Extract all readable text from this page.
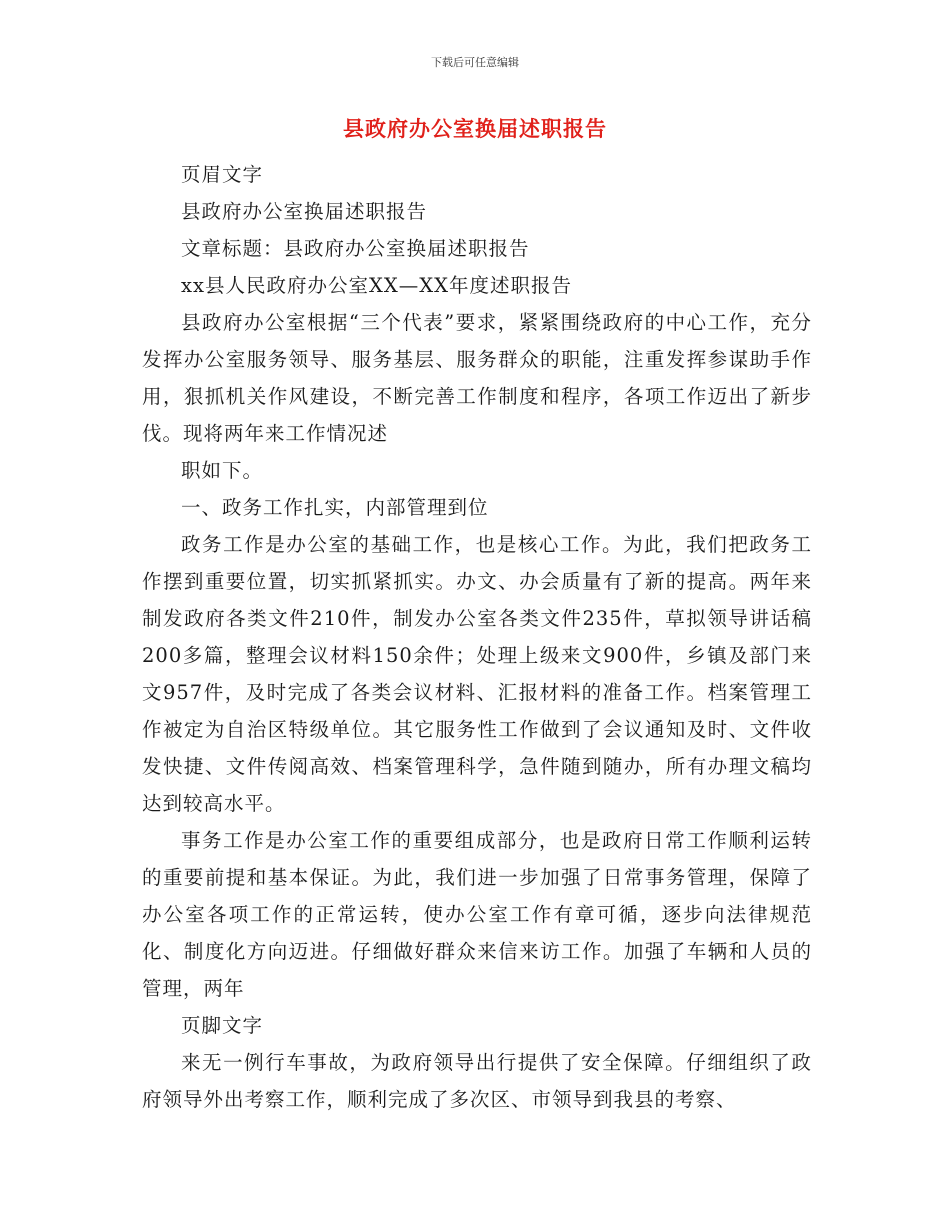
下载后可任意编辑
县政府办公室换届述职报告

页眉文字

县政府办公室换届述职报告

文章标题：县政府办公室换届述职报告

xx县人民政府办公室XX—XX年度述职报告

县政府办公室根据“三个代表”要求，紧紧围绕政府的中心工作，充分发挥办公室服务领导、服务基层、服务群众的职能，注重发挥参谋助手作用，狠抓机关作风建设，不断完善工作制度和程序，各项工作迈出了新步伐。现将两年来工作情况述

职如下。

一、政务工作扎实，内部管理到位

政务工作是办公室的基础工作，也是核心工作。为此，我们把政务工作摆到重要位置，切实抓紧抓实。办文、办会质量有了新的提高。两年来制发政府各类文件210件，制发办公室各类文件235件，草拟领导讲话稿200多篇，整理会议材料150余件；处理上级来文900件，乡镇及部门来文957件，及时完成了各类会议材料、汇报材料的准备工作。档案管理工作被定为自治区特级单位。其它服务性工作做到了会议通知及时、文件收发快捷、文件传阅高效、档案管理科学，急件随到随办，所有办理文稿均达到较高水平。

事务工作是办公室工作的重要组成部分，也是政府日常工作顺利运转的重要前提和基本保证。为此，我们进一步加强了日常事务管理，保障了办公室各项工作的正常运转，使办公室工作有章可循，逐步向法律规范化、制度化方向迈进。仔细做好群众来信来访工作。加强了车辆和人员的管理，两年

页脚文字

来无一例行车事故，为政府领导出行提供了安全保障。仔细组织了政府领导外出考察工作，顺利完成了多次区、市领导到我县的考察、
